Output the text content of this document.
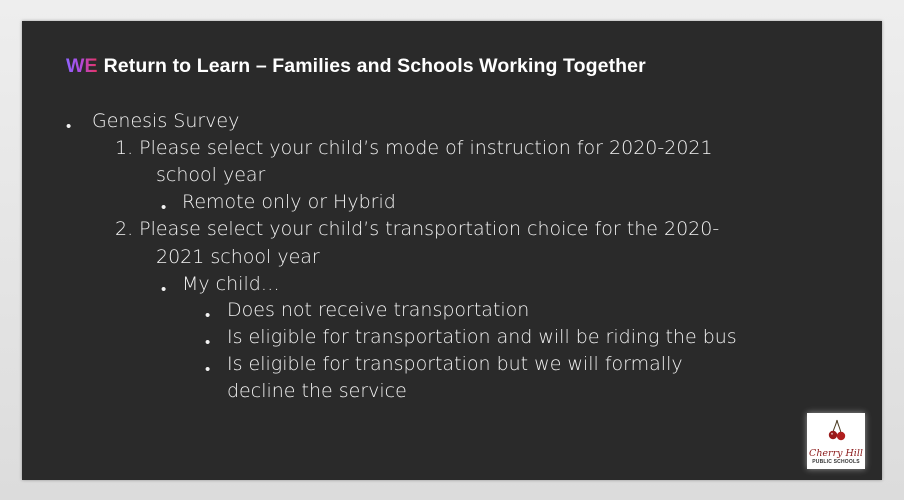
WE Return to Learn – Families and Schools Working Together
• Genesis Survey
1. Please select your child’s mode of instruction for 2020-2021
school year
• Remote only or Hybrid
2. Please select your child’s transportation choice for the 2020-
2021 school year
• My child…
• Does not receive transportation
• Is eligible for transportation and will be riding the bus
• Is eligible for transportation but we will formally
decline the service
Cherry Hill
PUBLIC SCHOOLS
